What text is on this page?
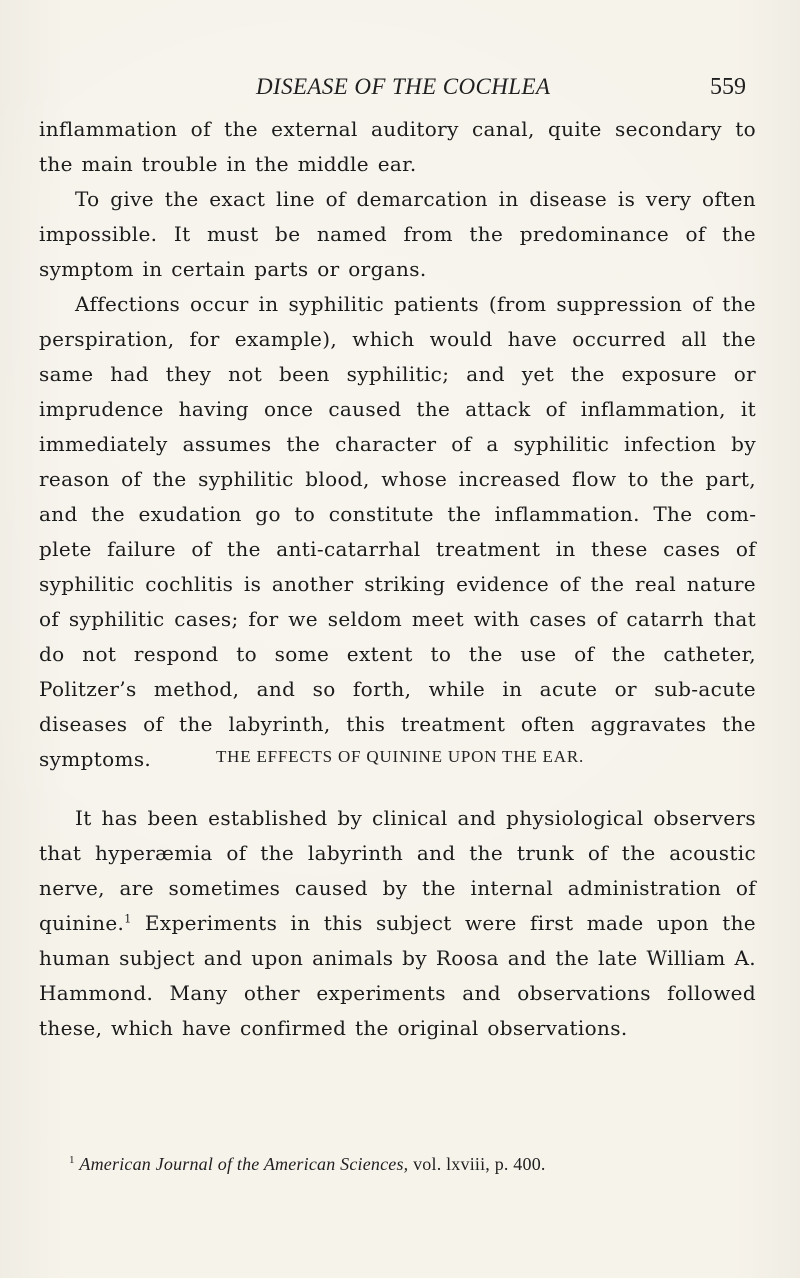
DISEASE OF THE COCHLEA	559

inflammation of the external auditory canal, quite secondary to the main trouble in the middle ear.

To give the exact line of demarcation in disease is very often impossible. It must be named from the predominance of the symptom in certain parts or organs.

Affections occur in syphilitic patients (from suppression of the perspiration, for example), which would have occurred all the same had they not been syphilitic; and yet the exposure or imprudence having once caused the attack of inflammation, it immediately assumes the character of a syphilitic infection by reason of the syphilitic blood, whose increased flow to the part, and the exudation go to constitute the inflammation. The complete failure of the anti-catarrhal treatment in these cases of syphilitic cochlitis is another striking evidence of the real nature of syphilitic cases; for we seldom meet with cases of catarrh that do not respond to some extent to the use of the catheter, Politzer’s method, and so forth, while in acute or sub-acute diseases of the labyrinth, this treatment often aggravates the symptoms.	THE EFFECTS OF QUININE UPON THE EAR.

It has been established by clinical and physiological observers that hyperæmia of the labyrinth and the trunk of the acoustic nerve, are sometimes caused by the internal administration of quinine.$^1$ Experiments in this subject were first made upon the human subject and upon animals by Roosa and the late William A. Hammond. Many other experiments and observations followed these, which have confirmed the original observations.

$^1$ American Journal of the American Sciences, vol. lxviii, p. 400.
